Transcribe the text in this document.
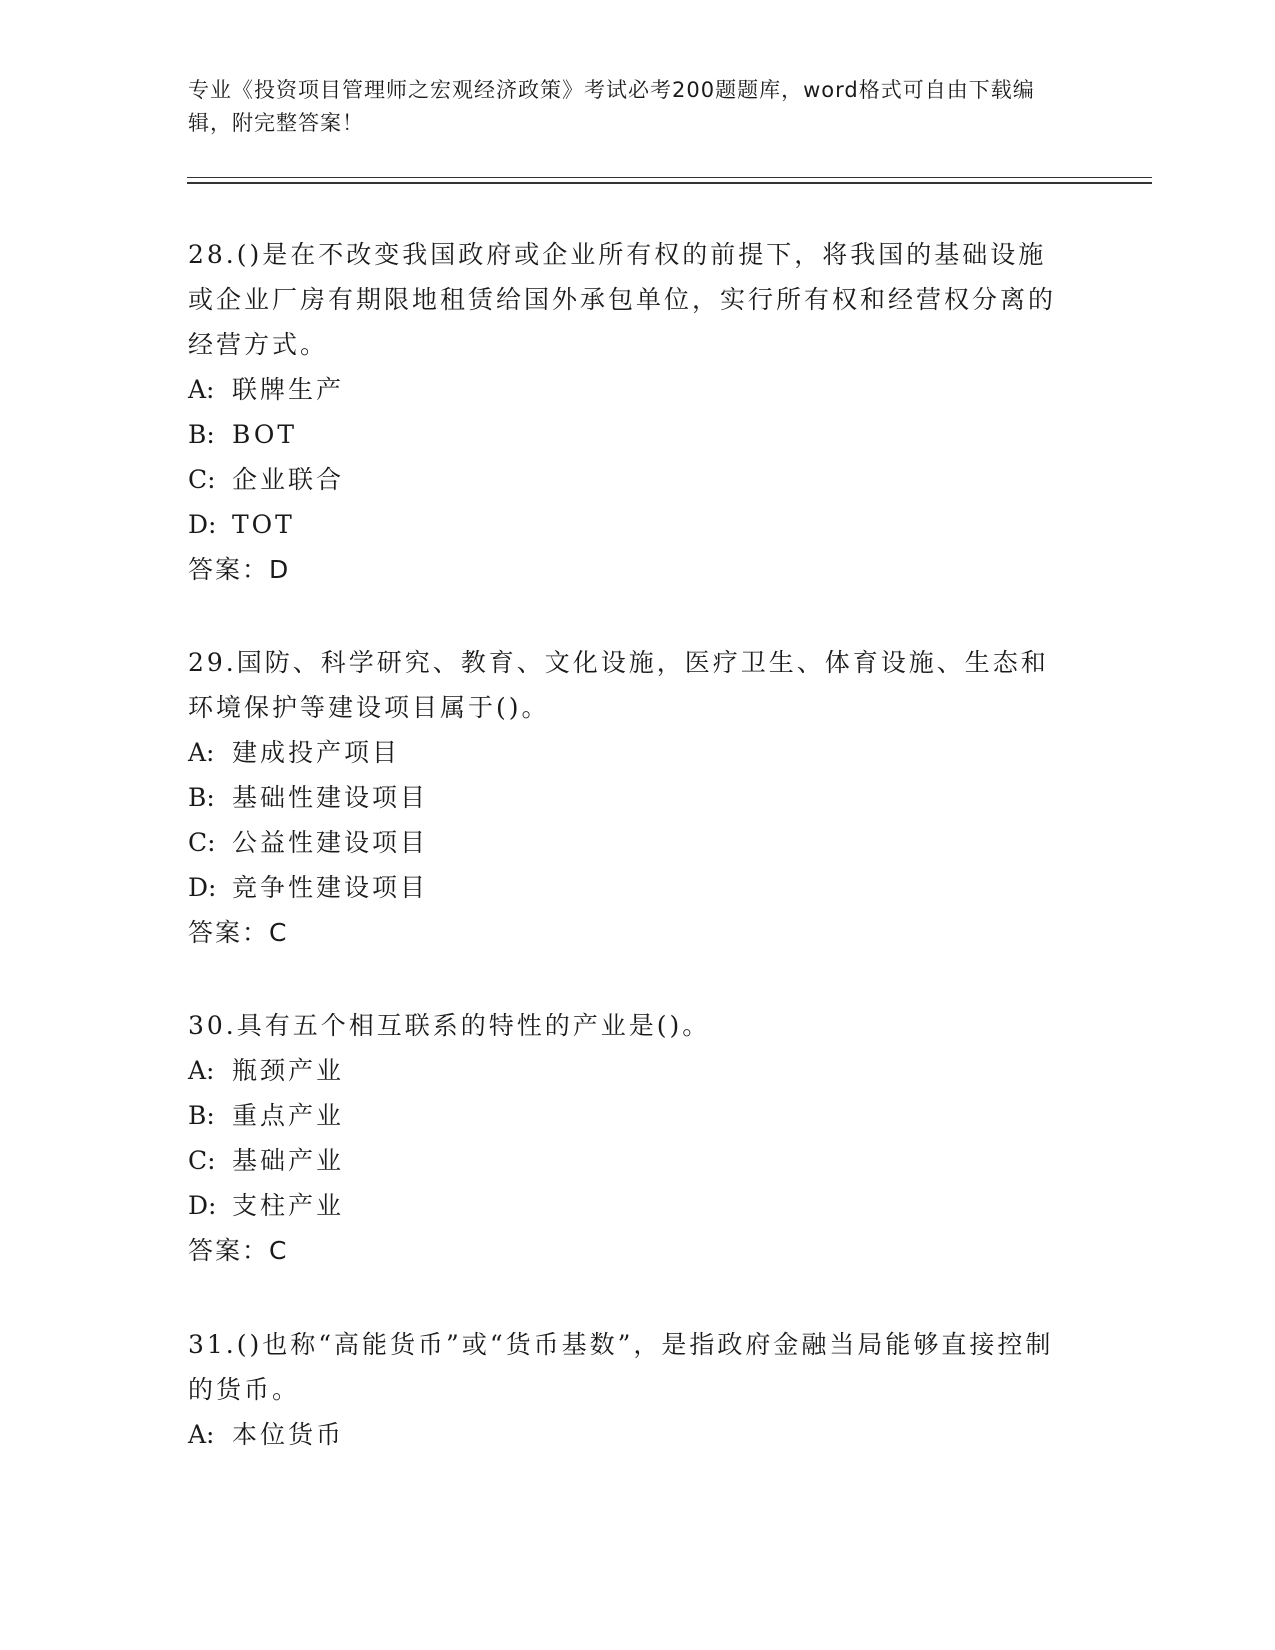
专业《投资项目管理师之宏观经济政策》考试必考200题题库，word格式可自由下载编辑，附完整答案！

28.()是在不改变我国政府或企业所有权的前提下，将我国的基础设施或企业厂房有期限地租赁给国外承包单位，实行所有权和经营权分离的经营方式。

A: 联牌生产

B: BOT

C: 企业联合

D: TOT

答案：D

29.国防、科学研究、教育、文化设施，医疗卫生、体育设施、生态和环境保护等建设项目属于()。

A: 建成投产项目

B: 基础性建设项目

C: 公益性建设项目

D: 竞争性建设项目

答案：C

30.具有五个相互联系的特性的产业是()。

A: 瓶颈产业

B: 重点产业

C: 基础产业

D: 支柱产业

答案：C

31.()也称“高能货币”或“货币基数”，是指政府金融当局能够直接控制的货币。

A: 本位货币
